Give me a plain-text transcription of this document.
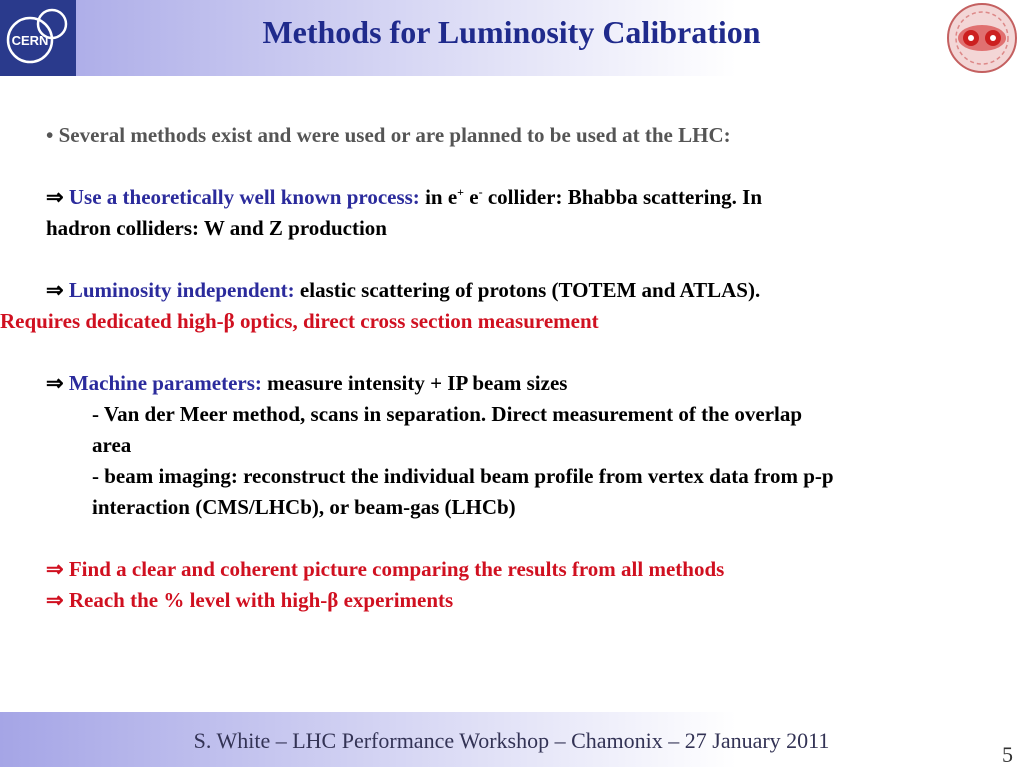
CERN	Methods for Luminosity Calibration
• Several methods exist and were used or are planned to be used at the LHC:
⇒ Use a theoretically well known process: in e+ e- collider: Bhabba scattering. In
hadron colliders: W and Z production
⇒ Luminosity independent: elastic scattering of protons (TOTEM and ATLAS).
Requires dedicated high-β optics, direct cross section measurement
⇒ Machine parameters: measure intensity + IP beam sizes
- Van der Meer method, scans in separation. Direct measurement of the overlap
area
- beam imaging: reconstruct the individual beam profile from vertex data from p-p
interaction (CMS/LHCb), or beam-gas (LHCb)
⇒ Find a clear and coherent picture comparing the results from all methods
⇒ Reach the % level with high-β experiments
S. White – LHC Performance Workshop – Chamonix – 27 January 2011
5
